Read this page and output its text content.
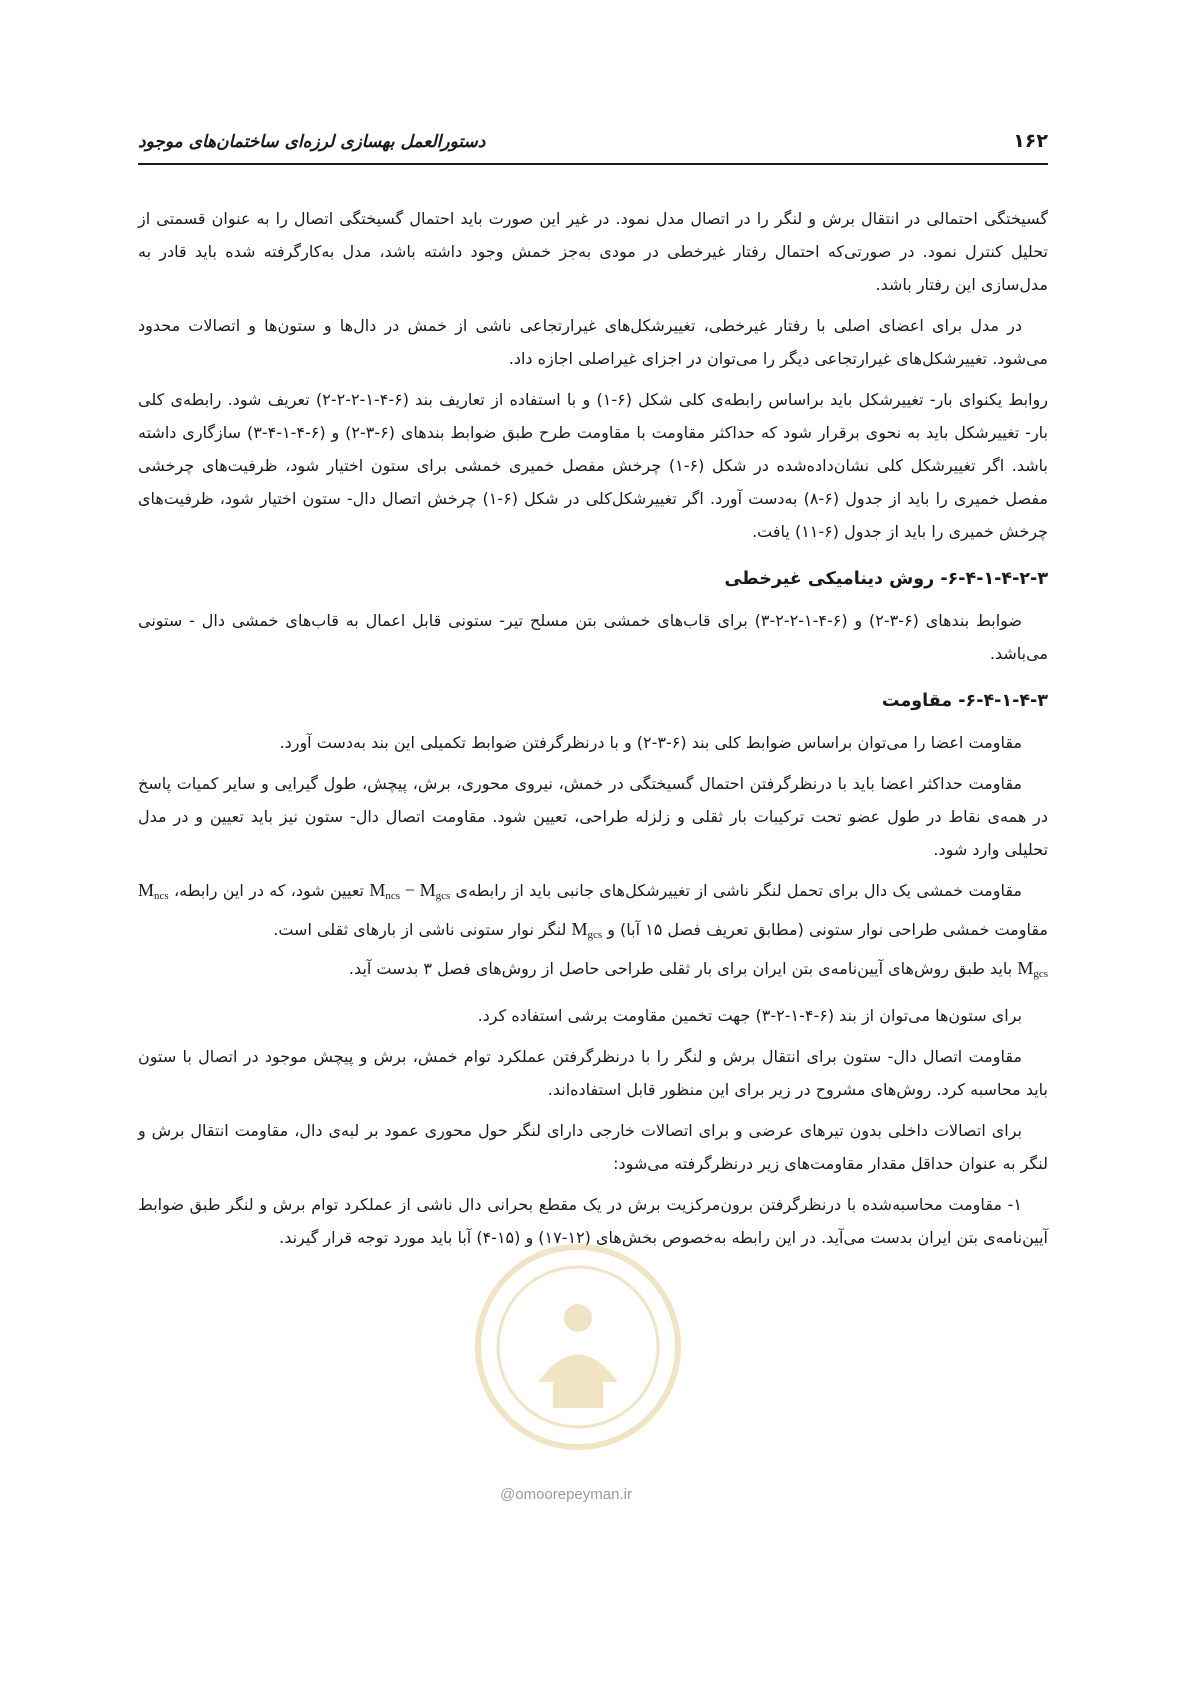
دستورالعمل بهسازی لرزه‌ای ساختمان‌های موجود	۱۶۲

گسیختگی احتمالی در انتقال برش و لنگر را در اتصال مدل نمود. در غیر این صورت باید احتمال گسیختگی اتصال را به عنوان قسمتی از تحلیل کنترل نمود. در صورتی‌که احتمال رفتار غیرخطی در مودی به‌جز خمش وجود داشته باشد، مدل به‌کارگرفته شده باید قادر به مدل‌سازی این رفتار باشد.

در مدل برای اعضای اصلی با رفتار غیرخطی، تغییرشکل‌های غیرارتجاعی ناشی از خمش در دال‌ها و ستون‌ها و اتصالات محدود می‌شود. تغییرشکل‌های غیرارتجاعی دیگر را می‌توان در اجزای غیراصلی اجازه داد.

روابط یکنوای بار- تغییرشکل باید براساس رابطه‌ی کلی شکل (۶-۱) و با استفاده از تعاریف بند (۶-۴-۱-۲-۲-۲) تعریف شود. رابطه‌ی کلی بار- تغییرشکل باید به نحوی برقرار شود که حداکثر مقاومت با مقاومت طرح طبق ضوابط بندهای (۶-۳-۲) و (۶-۴-۱-۴-۳) سازگاری داشته باشد. اگر تغییرشکل کلی نشان‌داده‌شده در شکل (۶-۱) چرخش مفصل خمیری خمشی برای ستون اختیار شود، ظرفیت‌های چرخشی مفصل خمیری را باید از جدول (۶-۸) به‌دست آورد. اگر تغییرشکل‌کلی در شکل (۶-۱) چرخش اتصال دال- ستون اختیار شود، ظرفیت‌های چرخش خمیری را باید از جدول (۶-۱۱) یافت.

۶-۴-۱-۴-۲-۳- روش دینامیکی غیرخطی

ضوابط بندهای (۶-۳-۲) و (۶-۴-۱-۲-۲-۳) برای قاب‌های خمشی بتن مسلح تیر- ستونی قابل اعمال به قاب‌های خمشی دال - ستونی می‌باشد.

۶-۴-۱-۴-۳- مقاومت

مقاومت اعضا را می‌توان براساس ضوابط کلی بند (۶-۳-۲) و با درنظرگرفتن ضوابط تکمیلی این بند به‌دست آورد.

مقاومت حداکثر اعضا باید با درنظرگرفتن احتمال گسیختگی در خمش، نیروی محوری، برش، پیچش، طول گیرایی و سایر کمیات پاسخ در همه‌ی نقاط در طول عضو تحت ترکیبات بار ثقلی و زلزله طراحی، تعیین شود. مقاومت اتصال دال- ستون نیز باید تعیین و در مدل تحلیلی وارد شود.

مقاومت خمشی یک دال برای تحمل لنگر ناشی از تغییرشکل‌های جانبی باید از رابطه‌ی $M_{ncs} - M_{gcs}$ تعیین شود، که در این رابطه، $M_{ncs}$ مقاومت خمشی طراحی نوار ستونی (مطابق تعریف فصل ۱۵ آبا) و $M_{gcs}$ لنگر نوار ستونی ناشی از بارهای ثقلی است.
$M_{gcs}$ باید طبق روش‌های آیین‌نامه‌ی بتن ایران برای بار ثقلی طراحی حاصل از روش‌های فصل ۳ بدست آید.

برای ستون‌ها می‌توان از بند (۶-۴-۱-۲-۳) جهت تخمین مقاومت برشی استفاده کرد.

مقاومت اتصال دال- ستون برای انتقال برش و لنگر را با درنظرگرفتن عملکرد توام خمش، برش و پیچش موجود در اتصال با ستون باید محاسبه کرد. روش‌های مشروح در زیر برای این منظور قابل استفاده‌اند.

برای اتصالات داخلی بدون تیرهای عرضی و برای اتصالات خارجی دارای لنگر حول محوری عمود بر لبه‌ی دال، مقاومت انتقال برش و لنگر به عنوان حداقل مقدار مقاومت‌های زیر درنظرگرفته می‌شود:

۱- مقاومت محاسبه‌شده با درنظرگرفتن برون‌مرکزیت برش در یک مقطع بحرانی دال ناشی از عملکرد توام برش و لنگر طبق ضوابط آیین‌نامه‌ی بتن ایران بدست می‌آید. در این رابطه به‌خصوص بخش‌های (۱۲-۱۷) و (۱۵-۴) آبا باید مورد توجه قرار گیرند.

@omoorepeyman.ir
